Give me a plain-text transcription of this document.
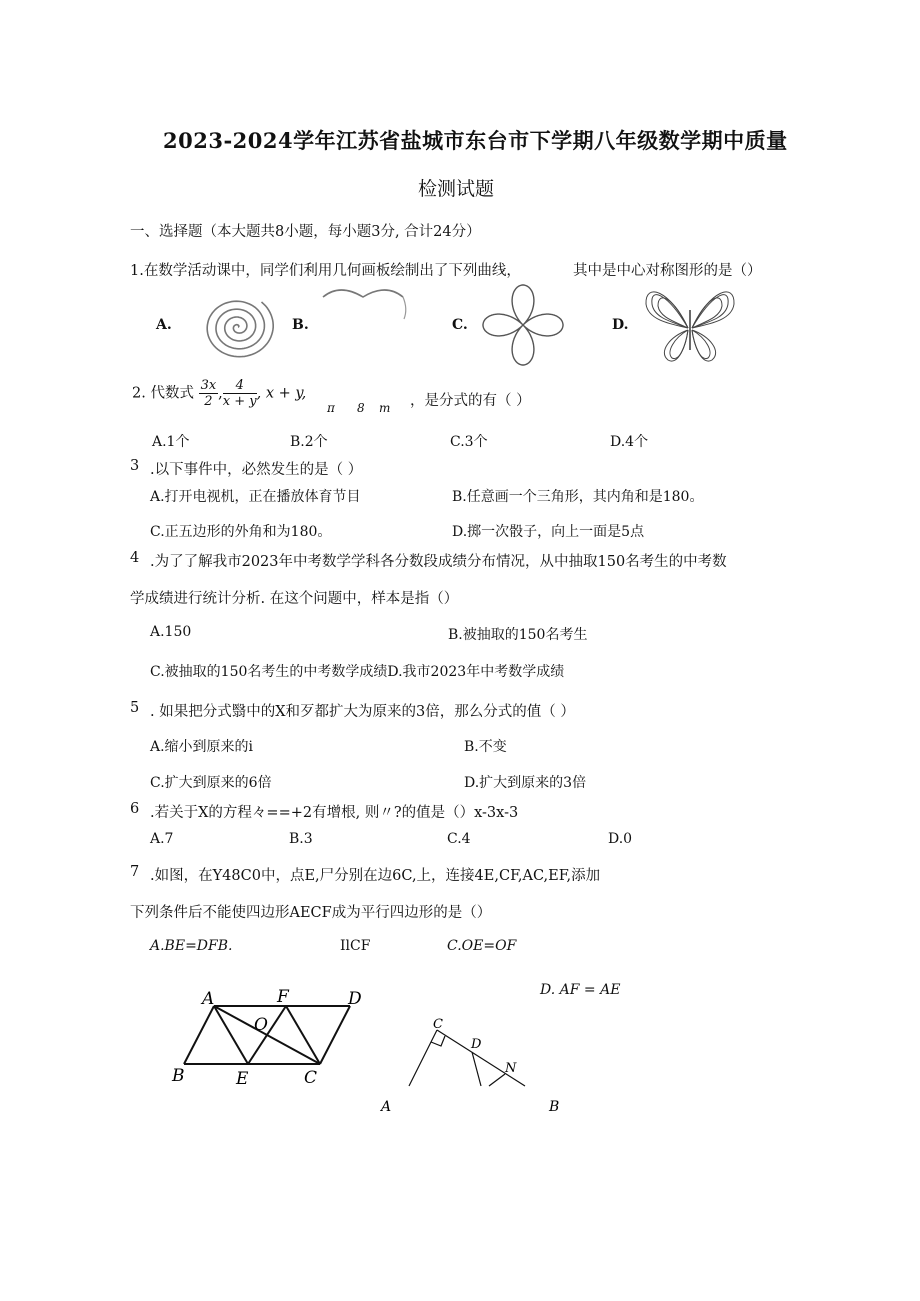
2023-2024学年江苏省盐城市东台市下学期八年级数学期中质量
检测试题
一、选择题（本大题共8小题，每小题3分, 合计24分）
1.在数学活动课中，同学们利用几何画板绘制出了下列曲线，	其中是中心对称图形的是（）
A.	B.	C.	D.
2. 代数式 $\frac{3x}{2}$ , $\frac{4}{x + y}$ , x + y,
π 8 m ，是分式的有（ ）
A.1个	B.2个	C.3个	D.4个
3 .以下事件中，必然发生的是（ ）
A.打开电视机，正在播放体育节目	B.任意画一个三角形，其内角和是180。
C.正五边形的外角和为180。	D.掷一次骰子，向上一面是5点
4 .为了了解我市2023年中考数学学科各分数段成绩分布情况，从中抽取150名考生的中考数
学成绩进行统计分析. 在这个问题中，样本是指（）
A.150	B.被抽取的150名考生
C.被抽取的150名考生的中考数学成绩D.我市2023年中考数学成绩
5 . 如果把分式翳中的X和歹都扩大为原来的3倍，那么分式的值（ ）
A.缩小到原来的i	B.不变
C.扩大到原来的6倍	D.扩大到原来的3倍
6 .若关于X的方程々==+2有增根, 则〃?的值是（）x-3x-3
A.7	B.3	C.4	D.0
7 .如图，在Y48C0中，点E,尸分别在边6C,上，连接4E,CF,AC,EF,添加
下列条件后不能使四边形AECF成为平行四边形的是（）
A.BE=DFB.	IlCF	C.OE=OF
D. AF = AE
A	F	D
O
B	E	C
C
D
N
A	B
